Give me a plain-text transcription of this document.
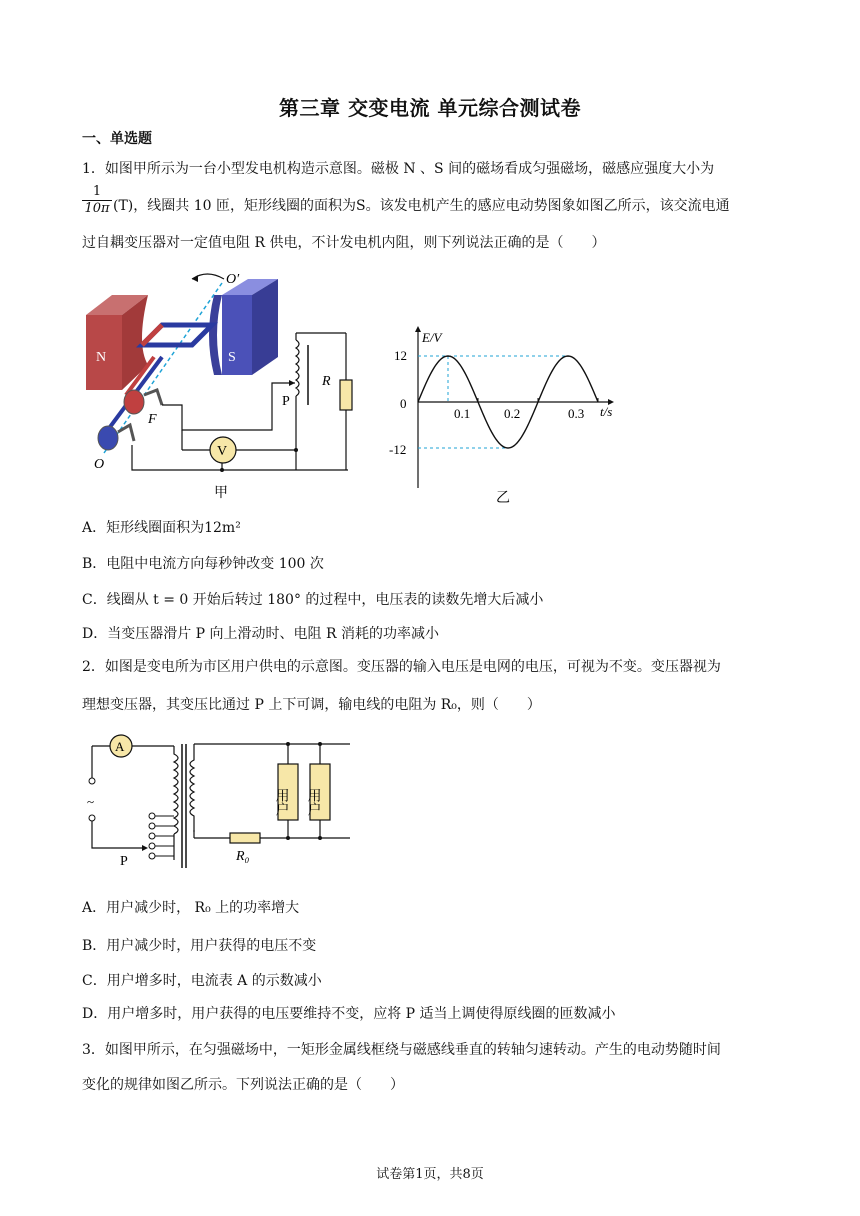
第三章 交变电流 单元综合测试卷
一、单选题
1．如图甲所示为一台小型发电机构造示意图。磁极 N 、S 间的磁场看成匀强磁场，磁感应强度大小为
$\frac{1}{10\pi} (T)$，线圈共 10 匝，矩形线圈的面积为S。该发电机产生的感应电动势图象如图乙所示，该交流电通
过自耦变压器对一定值电阻 R 供电，不计发电机内阻，则下列说法正确的是（　　）
N	S
O′
F
O
V
P
R
甲
E/V
t/s
12
0
-12
0.1	0.2	0.3
乙
A．矩形线圈面积为12m²
B．电阻中电流方向每秒钟改变 100 次
C．线圈从 t = 0 开始后转过 180° 的过程中，电压表的读数先增大后减小
D．当变压器滑片 P 向上滑动时、电阻 R 消耗的功率减小
2．如图是变电所为市区用户供电的示意图。变压器的输入电压是电网的电压，可视为不变。变压器视为
理想变压器，其变压比通过 P 上下可调，输电线的电阻为 R₀，则（　　）
A
~
P	R₀
用户 用户
A．用户减少时， R₀ 上的功率增大
B．用户减少时，用户获得的电压不变
C．用户增多时，电流表 A 的示数减小
D．用户增多时，用户获得的电压要维持不变，应将 P 适当上调使得原线圈的匝数减小
3．如图甲所示，在匀强磁场中，一矩形金属线框绕与磁感线垂直的转轴匀速转动。产生的电动势随时间
变化的规律如图乙所示。下列说法正确的是（　　）
试卷第1页，共8页
